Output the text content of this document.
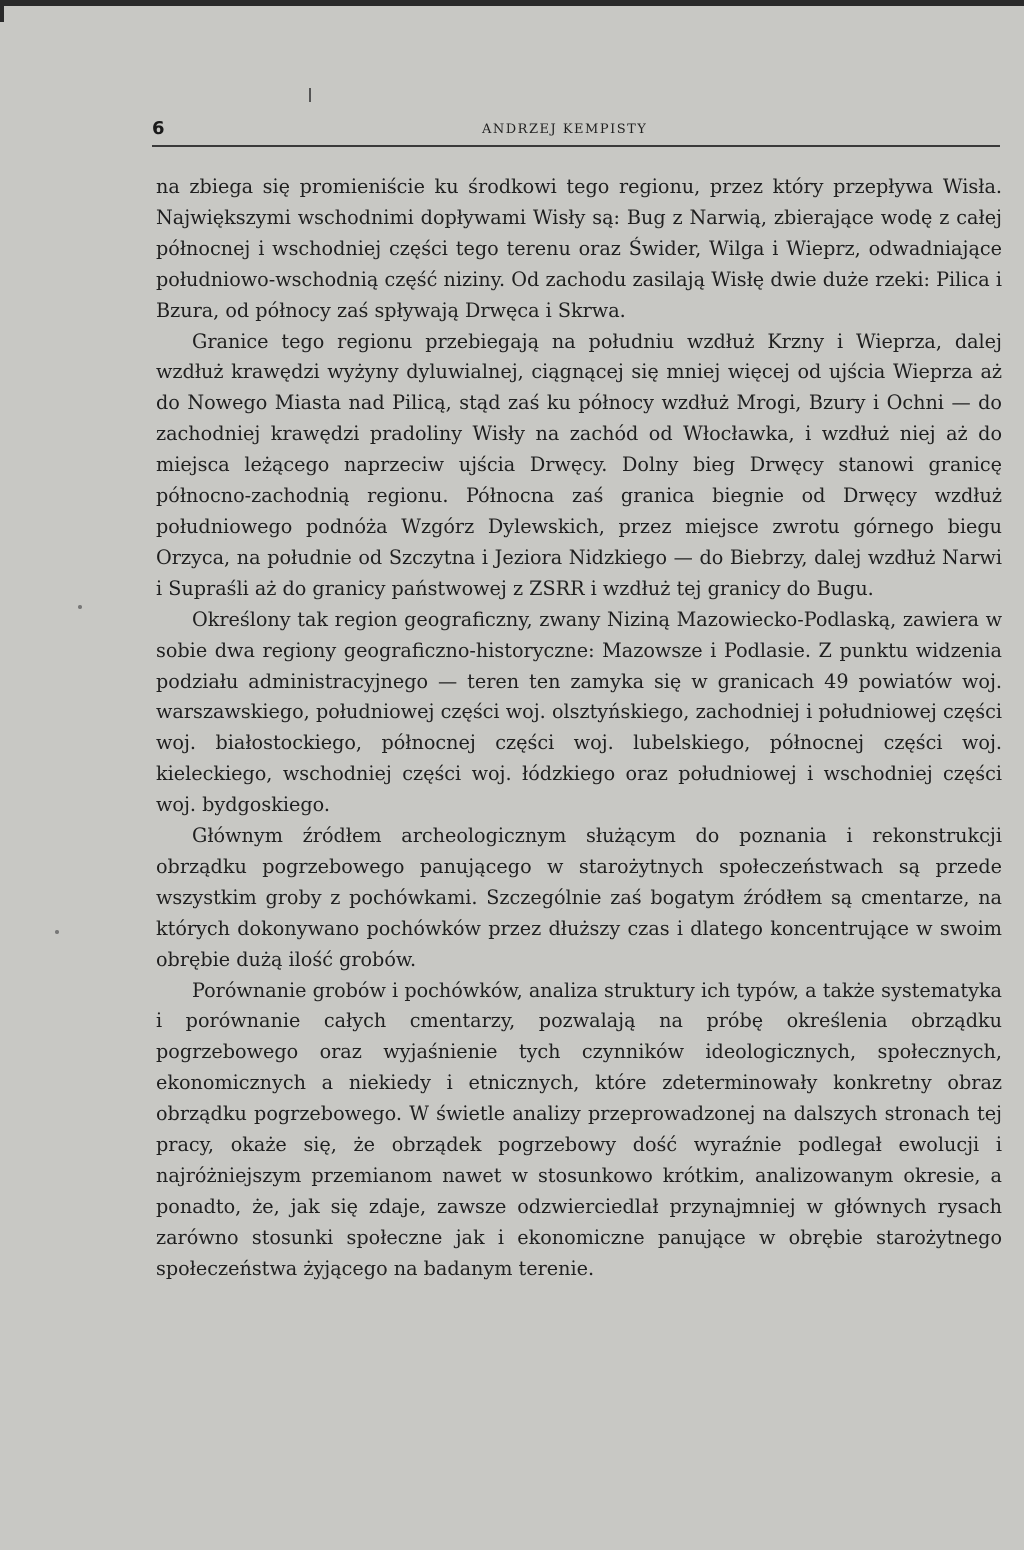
6	ANDRZEJ KEMPISTY

na zbiega się promieniście ku środkowi tego regionu, przez który przepływa Wisła. Największymi wschodnimi dopływami Wisły są: Bug z Narwią, zbierające wodę z całej północnej i wschodniej części tego terenu oraz Świder, Wilga i Wieprz, odwadniające południowo-wschodnią część niziny. Od zachodu zasilają Wisłę dwie duże rzeki: Pilica i Bzura, od północy zaś spływają Drwęca i Skrwa.

Granice tego regionu przebiegają na południu wzdłuż Krzny i Wieprza, dalej wzdłuż krawędzi wyżyny dyluwialnej, ciągnącej się mniej więcej od ujścia Wieprza aż do Nowego Miasta nad Pilicą, stąd zaś ku północy wzdłuż Mrogi, Bzury i Ochni — do zachodniej krawędzi pradoliny Wisły na zachód od Włocławka, i wzdłuż niej aż do miejsca leżącego naprzeciw ujścia Drwęcy. Dolny bieg Drwęcy stanowi granicę północno-zachodnią regionu. Północna zaś granica biegnie od Drwęcy wzdłuż południowego podnóża Wzgórz Dylewskich, przez miejsce zwrotu górnego biegu Orzyca, na południe od Szczytna i Jeziora Nidzkiego — do Biebrzy, dalej wzdłuż Narwi i Supraśli aż do granicy państwowej z ZSRR i wzdłuż tej granicy do Bugu.

Określony tak region geograficzny, zwany Niziną Mazowiecko-Podlaską, zawiera w sobie dwa regiony geograficzno-historyczne: Mazowsze i Podlasie. Z punktu widzenia podziału administracyjnego — teren ten zamyka się w granicach 49 powiatów woj. warszawskiego, południowej części woj. olsztyńskiego, zachodniej i południowej części woj. białostockiego, północnej części woj. lubelskiego, północnej części woj. kieleckiego, wschodniej części woj. łódzkiego oraz południowej i wschodniej części woj. bydgoskiego.

Głównym źródłem archeologicznym służącym do poznania i rekonstrukcji obrządku pogrzebowego panującego w starożytnych społeczeństwach są przede wszystkim groby z pochówkami. Szczególnie zaś bogatym źródłem są cmentarze, na których dokonywano pochówków przez dłuższy czas i dlatego koncentrujące w swoim obrębie dużą ilość grobów.

Porównanie grobów i pochówków, analiza struktury ich typów, a także systematyka i porównanie całych cmentarzy, pozwalają na próbę określenia obrządku pogrzebowego oraz wyjaśnienie tych czynników ideologicznych, społecznych, ekonomicznych a niekiedy i etnicznych, które zdeterminowały konkretny obraz obrządku pogrzebowego. W świetle analizy przeprowadzonej na dalszych stronach tej pracy, okaże się, że obrządek pogrzebowy dość wyraźnie podlegał ewolucji i najróżniejszym przemianom nawet w stosunkowo krótkim, analizowanym okresie, a ponadto, że, jak się zdaje, zawsze odzwierciedlał przynajmniej w głównych rysach zarówno stosunki społeczne jak i ekonomiczne panujące w obrębie starożytnego społeczeństwa żyjącego na badanym terenie.
